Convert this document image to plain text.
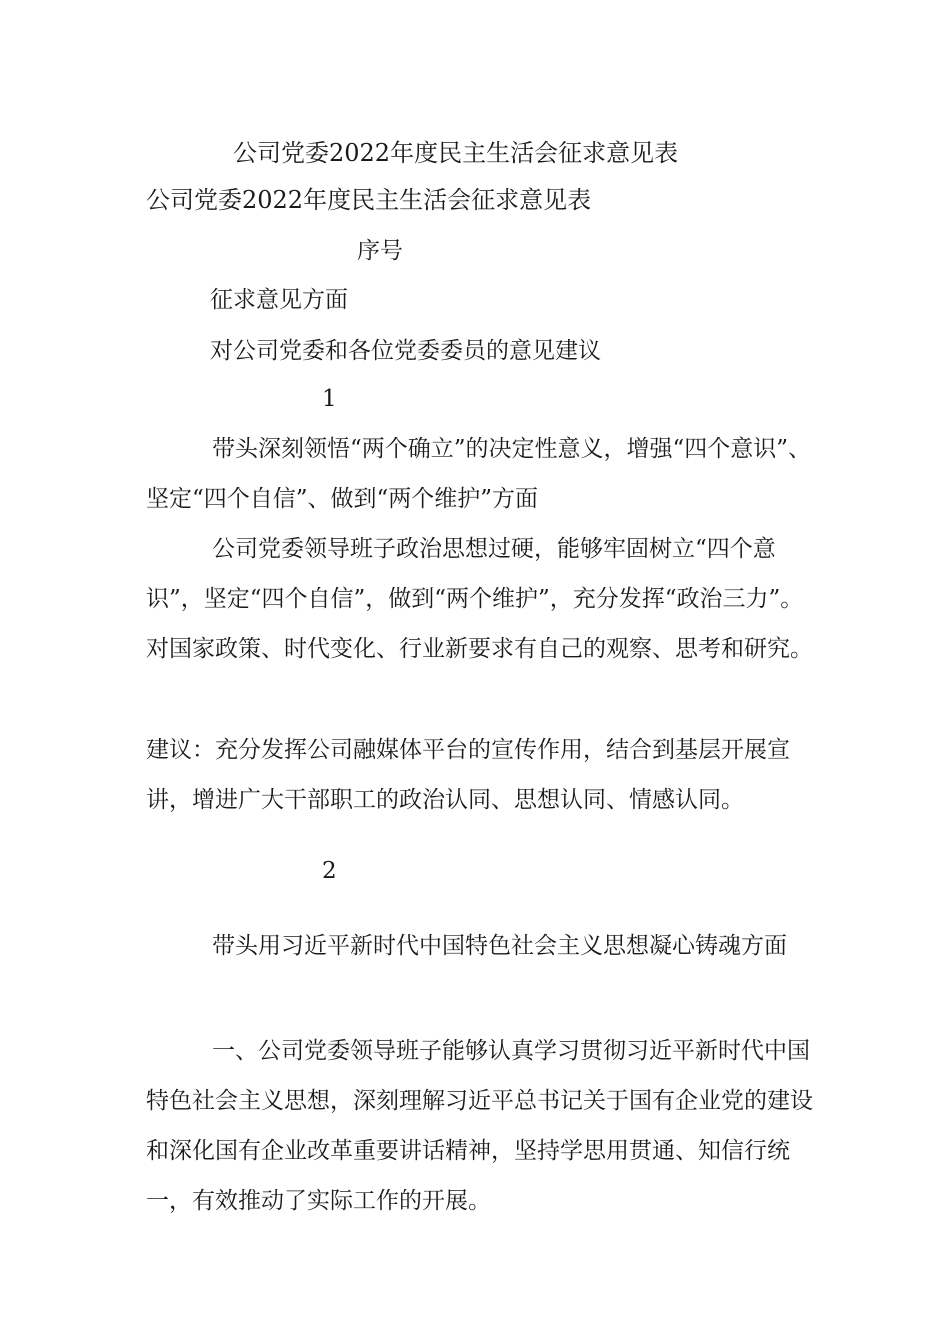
公司党委2022年度民主生活会征求意见表
公司党委2022年度民主生活会征求意见表
序号
征求意见方面
对公司党委和各位党委委员的意见建议
1
带头深刻领悟“两个确立”的决定性意义，增强“四个意识”、坚定“四个自信”、做到“两个维护”方面
公司党委领导班子政治思想过硬，能够牢固树立“四个意识”，坚定“四个自信”，做到“两个维护”，充分发挥“政治三力”。对国家政策、时代变化、行业新要求有自己的观察、思考和研究。
建议：充分发挥公司融媒体平台的宣传作用，结合到基层开展宣讲，增进广大干部职工的政治认同、思想认同、情感认同。
2
带头用习近平新时代中国特色社会主义思想凝心铸魂方面
一、公司党委领导班子能够认真学习贯彻习近平新时代中国特色社会主义思想，深刻理解习近平总书记关于国有企业党的建设和深化国有企业改革重要讲话精神，坚持学思用贯通、知信行统一，有效推动了实际工作的开展。
